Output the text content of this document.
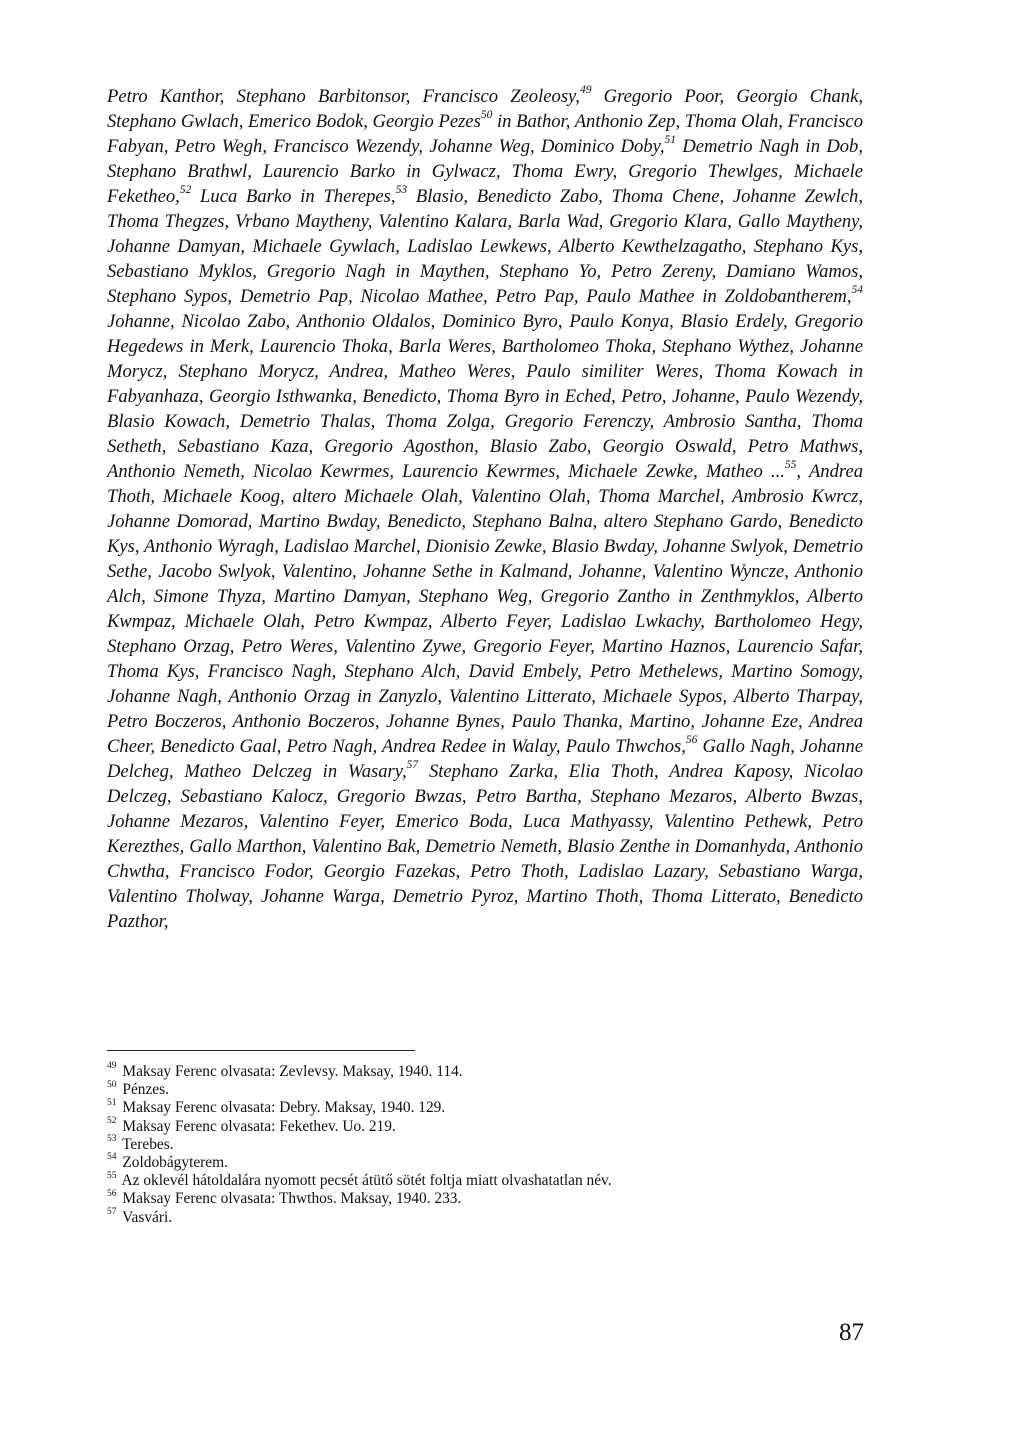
Petro Kanthor, Stephano Barbitonsor, Francisco Zeoleosy,$^{49}$ Gregorio Poor, Georgio Chank, Stephano Gwlach, Emerico Bodok, Georgio Pezes$^{50}$ in Bathor, Anthonio Zep, Thoma Olah, Francisco Fabyan, Petro Wegh, Francisco Wezendy, Johanne Weg, Dominico Doby,$^{51}$ Demetrio Nagh in Dob, Stephano Brathwl, Laurencio Barko in Gylwacz, Thoma Ewry, Gregorio Thewlges, Michaele Feketheo,$^{52}$ Luca Barko in Therepes,$^{53}$ Blasio, Benedicto Zabo, Thoma Chene, Johanne Zewlch, Thoma Thegzes, Vrbano Maytheny, Valentino Kalara, Barla Wad, Gregorio Klara, Gallo Maytheny, Johanne Damyan, Michaele Gywlach, Ladislao Lewkews, Alberto Kewthelzagatho, Stephano Kys, Sebastiano Myklos, Gregorio Nagh in Maythen, Stephano Yo, Petro Zereny, Damiano Wamos, Stephano Sypos, Demetrio Pap, Nicolao Mathee, Petro Pap, Paulo Mathee in Zoldobantherem,$^{54}$ Johanne, Nicolao Zabo, Anthonio Oldalos, Dominico Byro, Paulo Konya, Blasio Erdely, Gregorio Hegedews in Merk, Laurencio Thoka, Barla Weres, Bartholomeo Thoka, Stephano Wythez, Johanne Morycz, Stephano Morycz, Andrea, Matheo Weres, Paulo similiter Weres, Thoma Kowach in Fabyanhaza, Georgio Isthwanka, Benedicto, Thoma Byro in Eched, Petro, Johanne, Paulo Wezendy, Blasio Kowach, Demetrio Thalas, Thoma Zolga, Gregorio Ferenczy, Ambrosio Santha, Thoma Setheth, Sebastiano Kaza, Gregorio Agosthon, Blasio Zabo, Georgio Oswald, Petro Mathws, Anthonio Nemeth, Nicolao Kewrmes, Laurencio Kewrmes, Michaele Zewke, Matheo ...$^{55}$, Andrea Thoth, Michaele Koog, altero Michaele Olah, Valentino Olah, Thoma Marchel, Ambrosio Kwrcz, Johanne Domorad, Martino Bwday, Benedicto, Stephano Balna, altero Stephano Gardo, Benedicto Kys, Anthonio Wyragh, Ladislao Marchel, Dionisio Zewke, Blasio Bwday, Johanne Swlyok, Demetrio Sethe, Jacobo Swlyok, Valentino, Johanne Sethe in Kalmand, Johanne, Valentino Wyncze, Anthonio Alch, Simone Thyza, Martino Damyan, Stephano Weg, Gregorio Zantho in Zenthmyklos, Alberto Kwmpaz, Michaele Olah, Petro Kwmpaz, Alberto Feyer, Ladislao Lwkachy, Bartholomeo Hegy, Stephano Orzag, Petro Weres, Valentino Zywe, Gregorio Feyer, Martino Haznos, Laurencio Safar, Thoma Kys, Francisco Nagh, Stephano Alch, David Embely, Petro Methelews, Martino Somogy, Johanne Nagh, Anthonio Orzag in Zanyzlo, Valentino Litterato, Michaele Sypos, Alberto Tharpay, Petro Boczeros, Anthonio Boczeros, Johanne Bynes, Paulo Thanka, Martino, Johanne Eze, Andrea Cheer, Benedicto Gaal, Petro Nagh, Andrea Redee in Walay, Paulo Thwchos,$^{56}$ Gallo Nagh, Johanne Delcheg, Matheo Delczeg in Wasary,$^{57}$ Stephano Zarka, Elia Thoth, Andrea Kaposy, Nicolao Delczeg, Sebastiano Kalocz, Gregorio Bwzas, Petro Bartha, Stephano Mezaros, Alberto Bwzas, Johanne Mezaros, Valentino Feyer, Emerico Boda, Luca Mathyassy, Valentino Pethewk, Petro Kerezthes, Gallo Marthon, Valentino Bak, Demetrio Nemeth, Blasio Zenthe in Domanhyda, Anthonio Chwtha, Francisco Fodor, Georgio Fazekas, Petro Thoth, Ladislao Lazary, Sebastiano Warga, Valentino Tholway, Johanne Warga, Demetrio Pyroz, Martino Thoth, Thoma Litterato, Benedicto Pazthor,

$^{49}$ Maksay Ferenc olvasata: Zevlevsy. Maksay, 1940. 114.
$^{50}$ Pénzes.
$^{51}$ Maksay Ferenc olvasata: Debry. Maksay, 1940. 129.
$^{52}$ Maksay Ferenc olvasata: Fekethev. Uo. 219.
$^{53}$ Terebes.
$^{54}$ Zoldobágyterem.
$^{55}$ Az oklevél hátoldalára nyomott pecsét átütő sötét foltja miatt olvashatatlan név.
$^{56}$ Maksay Ferenc olvasata: Thwthos. Maksay, 1940. 233.
$^{57}$ Vasvári.
87
